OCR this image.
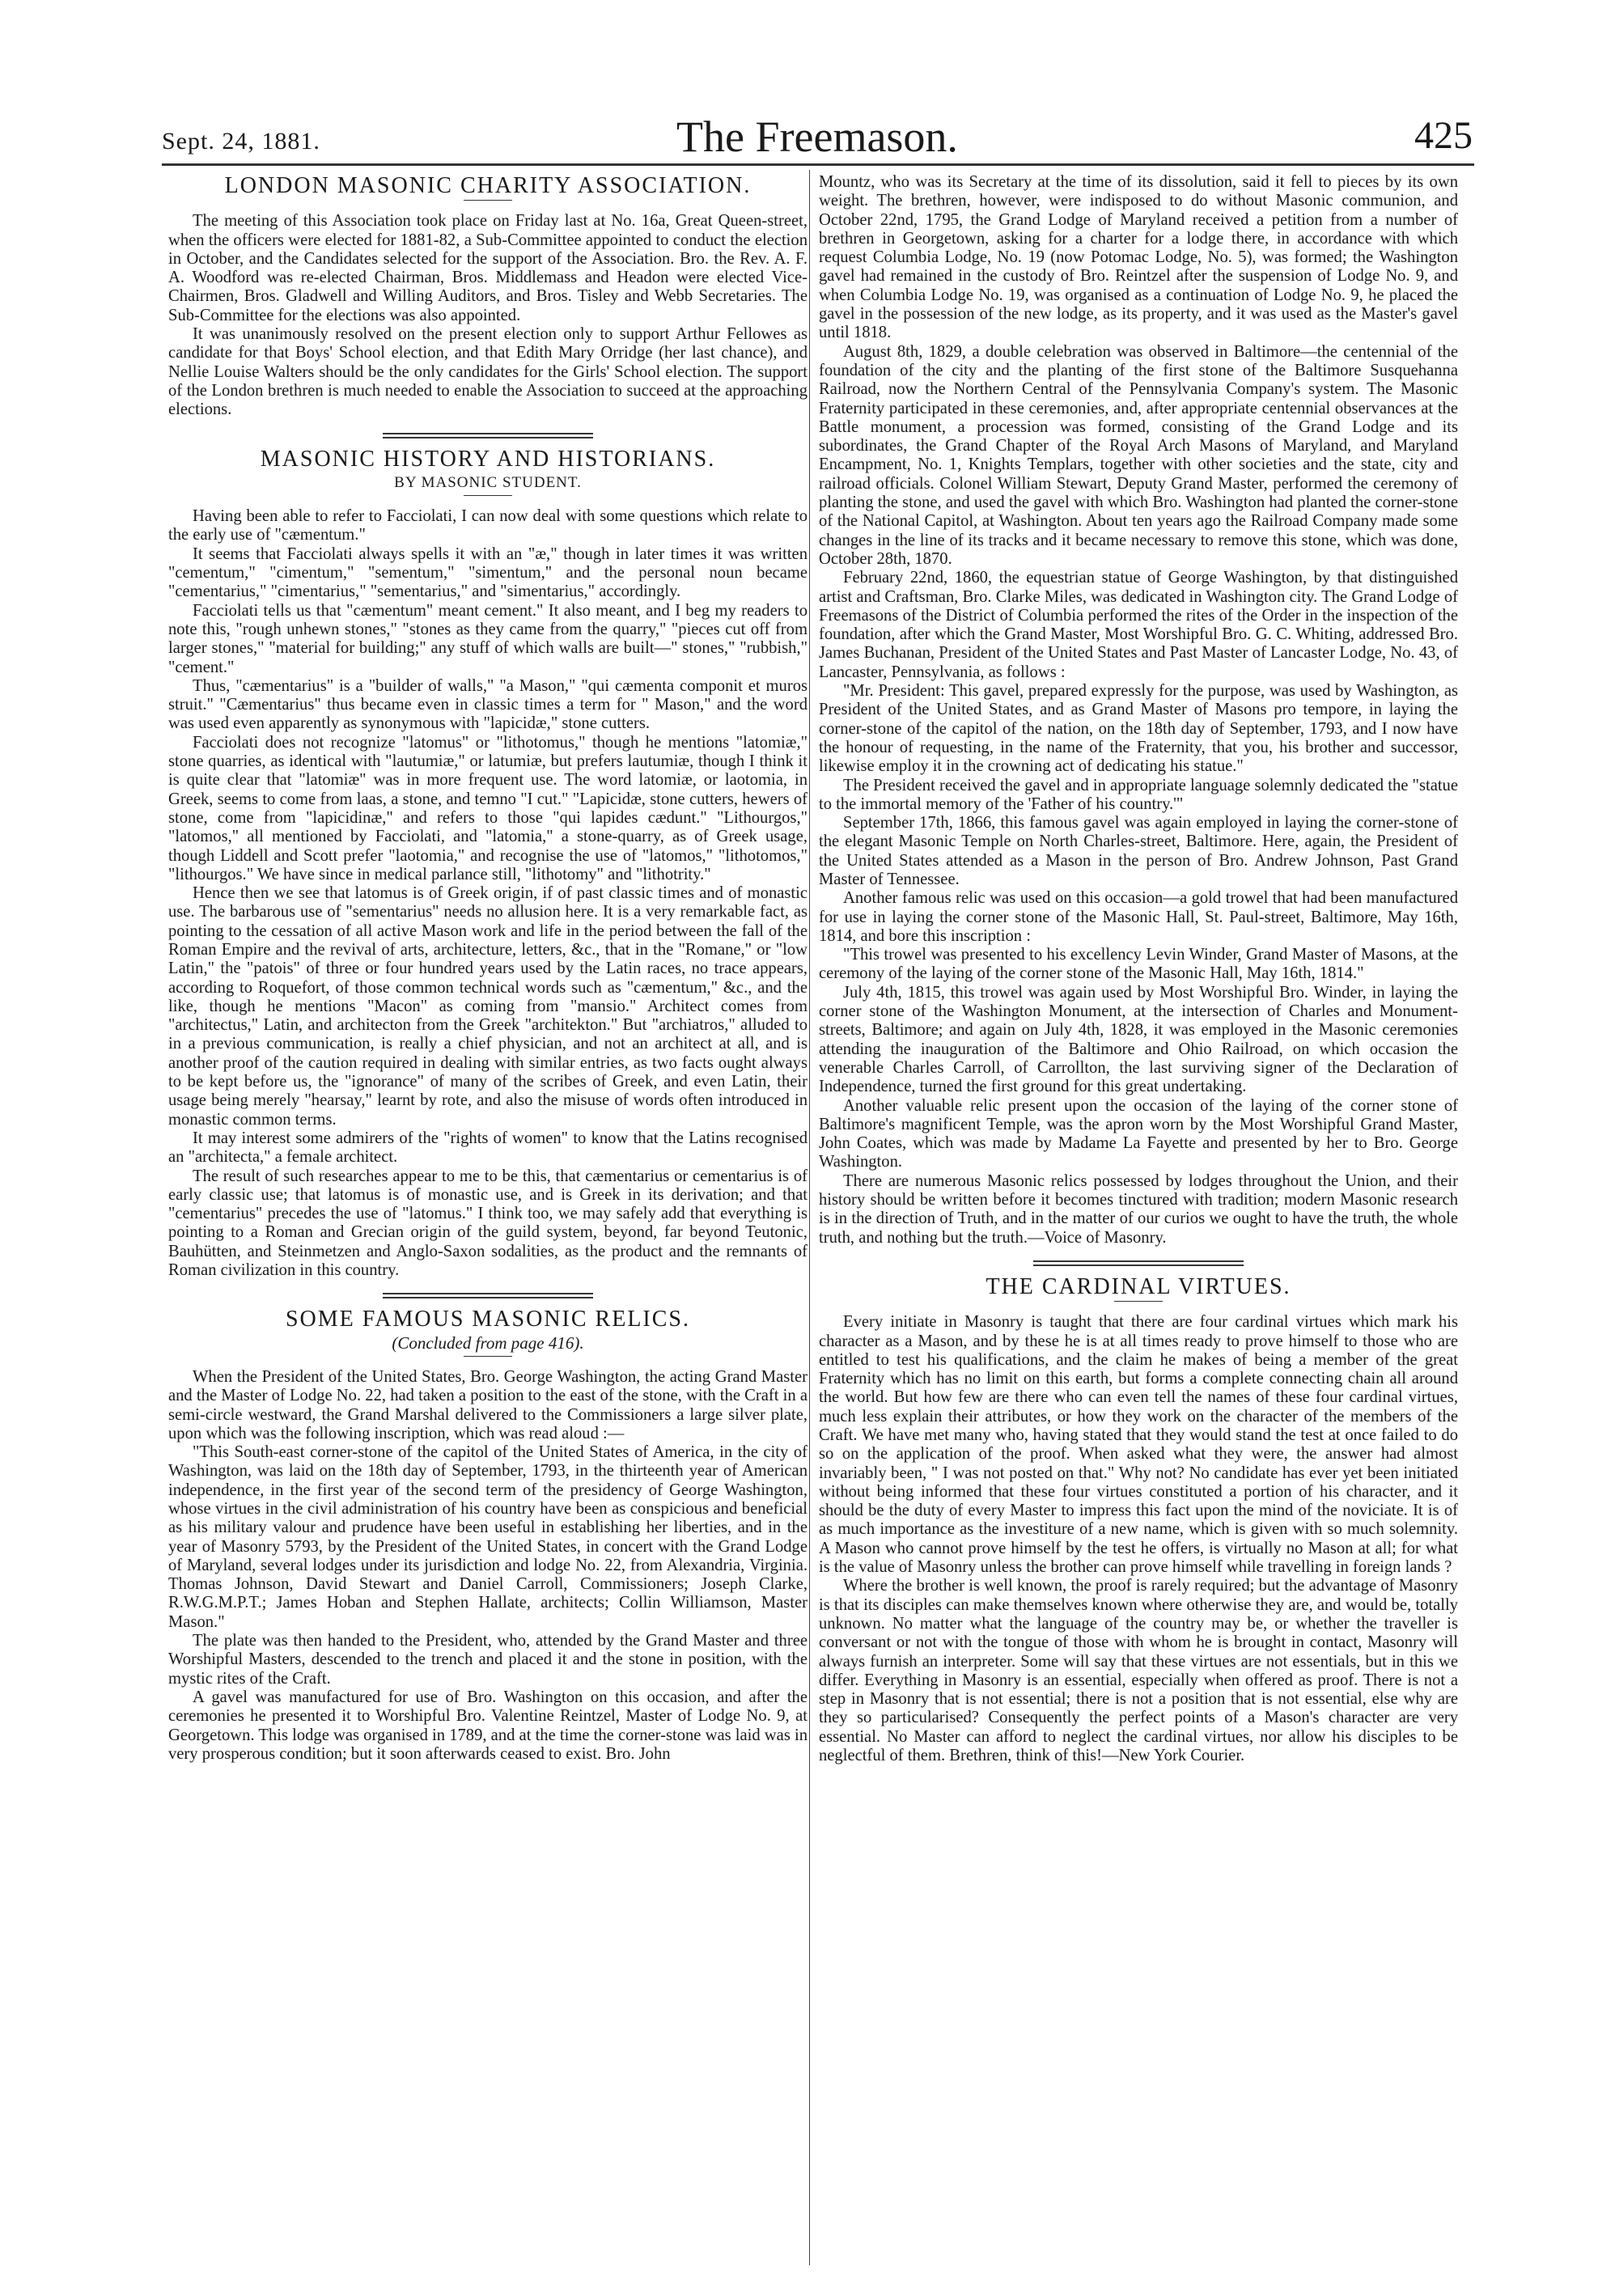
Sept. 24, 1881.	The Freemason.	425
LONDON MASONIC CHARITY ASSOCIATION.

The meeting of this Association took place on Friday last at No. 16a, Great Queen-street, when the officers were elected for 1881-82, a Sub-Committee appointed to conduct the election in October, and the Candidates selected for the support of the Association. Bro. the Rev. A. F. A. Woodford was re-elected Chairman, Bros. Middlemass and Headon were elected Vice-Chairmen, Bros. Gladwell and Willing Auditors, and Bros. Tisley and Webb Secretaries. The Sub-Committee for the elections was also appointed.

It was unanimously resolved on the present election only to support Arthur Fellowes as candidate for that Boys' School election, and that Edith Mary Orridge (her last chance), and Nellie Louise Walters should be the only candidates for the Girls' School election. The support of the London brethren is much needed to enable the Association to succeed at the approaching elections.

MASONIC HISTORY AND HISTORIANS.
BY MASONIC STUDENT.

Having been able to refer to Facciolati, I can now deal with some questions which relate to the early use of "cæmentum."

It seems that Facciolati always spells it with an "æ," though in later times it was written "cementum," "cimentum," "sementum," "simentum," and the personal noun became "cementarius," "cimentarius," "sementarius," and "simentarius," accordingly.

Facciolati tells us that "cæmentum" meant cement." It also meant, and I beg my readers to note this, "rough unhewn stones," "stones as they came from the quarry," "pieces cut off from larger stones," "material for building;" any stuff of which walls are built—" stones," "rubbish," "cement."

Thus, "cæmentarius" is a "builder of walls," "a Mason," "qui cæmenta componit et muros struit." "Cæmentarius" thus became even in classic times a term for " Mason," and the word was used even apparently as synonymous with "lapicidæ," stone cutters.

Facciolati does not recognize "latomus" or "lithotomus," though he mentions "latomiæ," stone quarries, as identical with "lautumiæ," or latumiæ, but prefers lautumiæ, though I think it is quite clear that "latomiæ" was in more frequent use. The word latomiæ, or laotomia, in Greek, seems to come from laas, a stone, and temno "I cut." "Lapicidæ, stone cutters, hewers of stone, come from "lapicidinæ," and refers to those "qui lapides cædunt." "Lithourgos," "latomos," all mentioned by Facciolati, and "latomia," a stone-quarry, as of Greek usage, though Liddell and Scott prefer "laotomia," and recognise the use of "latomos," "lithotomos," "lithourgos." We have since in medical parlance still, "lithotomy" and "lithotrity."

Hence then we see that latomus is of Greek origin, if of past classic times and of monastic use. The barbarous use of "sementarius" needs no allusion here. It is a very remarkable fact, as pointing to the cessation of all active Mason work and life in the period between the fall of the Roman Empire and the revival of arts, architecture, letters, &c., that in the "Romane," or "low Latin," the "patois" of three or four hundred years used by the Latin races, no trace appears, according to Roquefort, of those common technical words such as "cæmentum," &c., and the like, though he mentions "Macon" as coming from "mansio." Architect comes from "architectus," Latin, and architecton from the Greek "architekton." But "archiatros," alluded to in a previous communication, is really a chief physician, and not an architect at all, and is another proof of the caution required in dealing with similar entries, as two facts ought always to be kept before us, the "ignorance" of many of the scribes of Greek, and even Latin, their usage being merely "hearsay," learnt by rote, and also the misuse of words often introduced in monastic common terms.

It may interest some admirers of the "rights of women" to know that the Latins recognised an "architecta," a female architect.

The result of such researches appear to me to be this, that cæmentarius or cementarius is of early classic use; that latomus is of monastic use, and is Greek in its derivation; and that "cementarius" precedes the use of "latomus." I think too, we may safely add that everything is pointing to a Roman and Grecian origin of the guild system, beyond, far beyond Teutonic, Bauhütten, and Steinmetzen and Anglo-Saxon sodalities, as the product and the remnants of Roman civilization in this country.

SOME FAMOUS MASONIC RELICS.
(Concluded from page 416).

When the President of the United States, Bro. George Washington, the acting Grand Master and the Master of Lodge No. 22, had taken a position to the east of the stone, with the Craft in a semi-circle westward, the Grand Marshal delivered to the Commissioners a large silver plate, upon which was the following inscription, which was read aloud :—

"This South-east corner-stone of the capitol of the United States of America, in the city of Washington, was laid on the 18th day of September, 1793, in the thirteenth year of American independence, in the first year of the second term of the presidency of George Washington, whose virtues in the civil administration of his country have been as conspicious and beneficial as his military valour and prudence have been useful in establishing her liberties, and in the year of Masonry 5793, by the President of the United States, in concert with the Grand Lodge of Maryland, several lodges under its jurisdiction and lodge No. 22, from Alexandria, Virginia. Thomas Johnson, David Stewart and Daniel Carroll, Commissioners; Joseph Clarke, R.W.G.M.P.T.; James Hoban and Stephen Hallate, architects; Collin Williamson, Master Mason."

The plate was then handed to the President, who, attended by the Grand Master and three Worshipful Masters, descended to the trench and placed it and the stone in position, with the mystic rites of the Craft.

A gavel was manufactured for use of Bro. Washington on this occasion, and after the ceremonies he presented it to Worshipful Bro. Valentine Reintzel, Master of Lodge No. 9, at Georgetown. This lodge was organised in 1789, and at the time the corner-stone was laid was in very prosperous condition; but it soon afterwards ceased to exist. Bro. John

Mountz, who was its Secretary at the time of its dissolution, said it fell to pieces by its own weight. The brethren, however, were indisposed to do without Masonic communion, and October 22nd, 1795, the Grand Lodge of Maryland received a petition from a number of brethren in Georgetown, asking for a charter for a lodge there, in accordance with which request Columbia Lodge, No. 19 (now Potomac Lodge, No. 5), was formed; the Washington gavel had remained in the custody of Bro. Reintzel after the suspension of Lodge No. 9, and when Columbia Lodge No. 19, was organised as a continuation of Lodge No. 9, he placed the gavel in the possession of the new lodge, as its property, and it was used as the Master's gavel until 1818.

August 8th, 1829, a double celebration was observed in Baltimore—the centennial of the foundation of the city and the planting of the first stone of the Baltimore Susquehanna Railroad, now the Northern Central of the Pennsylvania Company's system. The Masonic Fraternity participated in these ceremonies, and, after appropriate centennial observances at the Battle monument, a procession was formed, consisting of the Grand Lodge and its subordinates, the Grand Chapter of the Royal Arch Masons of Maryland, and Maryland Encampment, No. 1, Knights Templars, together with other societies and the state, city and railroad officials. Colonel William Stewart, Deputy Grand Master, performed the ceremony of planting the stone, and used the gavel with which Bro. Washington had planted the corner-stone of the National Capitol, at Washington. About ten years ago the Railroad Company made some changes in the line of its tracks and it became necessary to remove this stone, which was done, October 28th, 1870.

February 22nd, 1860, the equestrian statue of George Washington, by that distinguished artist and Craftsman, Bro. Clarke Miles, was dedicated in Washington city. The Grand Lodge of Freemasons of the District of Columbia performed the rites of the Order in the inspection of the foundation, after which the Grand Master, Most Worshipful Bro. G. C. Whiting, addressed Bro. James Buchanan, President of the United States and Past Master of Lancaster Lodge, No. 43, of Lancaster, Pennsylvania, as follows :

"Mr. President: This gavel, prepared expressly for the purpose, was used by Washington, as President of the United States, and as Grand Master of Masons pro tempore, in laying the corner-stone of the capitol of the nation, on the 18th day of September, 1793, and I now have the honour of requesting, in the name of the Fraternity, that you, his brother and successor, likewise employ it in the crowning act of dedicating his statue."

The President received the gavel and in appropriate language solemnly dedicated the "statue to the immortal memory of the 'Father of his country.'"

September 17th, 1866, this famous gavel was again employed in laying the corner-stone of the elegant Masonic Temple on North Charles-street, Baltimore. Here, again, the President of the United States attended as a Mason in the person of Bro. Andrew Johnson, Past Grand Master of Tennessee.

Another famous relic was used on this occasion—a gold trowel that had been manufactured for use in laying the corner stone of the Masonic Hall, St. Paul-street, Baltimore, May 16th, 1814, and bore this inscription :

"This trowel was presented to his excellency Levin Winder, Grand Master of Masons, at the ceremony of the laying of the corner stone of the Masonic Hall, May 16th, 1814."

July 4th, 1815, this trowel was again used by Most Worshipful Bro. Winder, in laying the corner stone of the Washington Monument, at the intersection of Charles and Monument-streets, Baltimore; and again on July 4th, 1828, it was employed in the Masonic ceremonies attending the inauguration of the Baltimore and Ohio Railroad, on which occasion the venerable Charles Carroll, of Carrollton, the last surviving signer of the Declaration of Independence, turned the first ground for this great undertaking.

Another valuable relic present upon the occasion of the laying of the corner stone of Baltimore's magnificent Temple, was the apron worn by the Most Worshipful Grand Master, John Coates, which was made by Madame La Fayette and presented by her to Bro. George Washington.

There are numerous Masonic relics possessed by lodges throughout the Union, and their history should be written before it becomes tinctured with tradition; modern Masonic research is in the direction of Truth, and in the matter of our curios we ought to have the truth, the whole truth, and nothing but the truth.—Voice of Masonry.

THE CARDINAL VIRTUES.

Every initiate in Masonry is taught that there are four cardinal virtues which mark his character as a Mason, and by these he is at all times ready to prove himself to those who are entitled to test his qualifications, and the claim he makes of being a member of the great Fraternity which has no limit on this earth, but forms a complete connecting chain all around the world. But how few are there who can even tell the names of these four cardinal virtues, much less explain their attributes, or how they work on the character of the members of the Craft. We have met many who, having stated that they would stand the test at once failed to do so on the application of the proof. When asked what they were, the answer had almost invariably been, " I was not posted on that." Why not? No candidate has ever yet been initiated without being informed that these four virtues constituted a portion of his character, and it should be the duty of every Master to impress this fact upon the mind of the noviciate. It is of as much importance as the investiture of a new name, which is given with so much solemnity. A Mason who cannot prove himself by the test he offers, is virtually no Mason at all; for what is the value of Masonry unless the brother can prove himself while travelling in foreign lands ?

Where the brother is well known, the proof is rarely required; but the advantage of Masonry is that its disciples can make themselves known where otherwise they are, and would be, totally unknown. No matter what the language of the country may be, or whether the traveller is conversant or not with the tongue of those with whom he is brought in contact, Masonry will always furnish an interpreter. Some will say that these virtues are not essentials, but in this we differ. Everything in Masonry is an essential, especially when offered as proof. There is not a step in Masonry that is not essential; there is not a position that is not essential, else why are they so particularised? Consequently the perfect points of a Mason's character are very essential. No Master can afford to neglect the cardinal virtues, nor allow his disciples to be neglectful of them. Brethren, think of this!—New York Courier.
